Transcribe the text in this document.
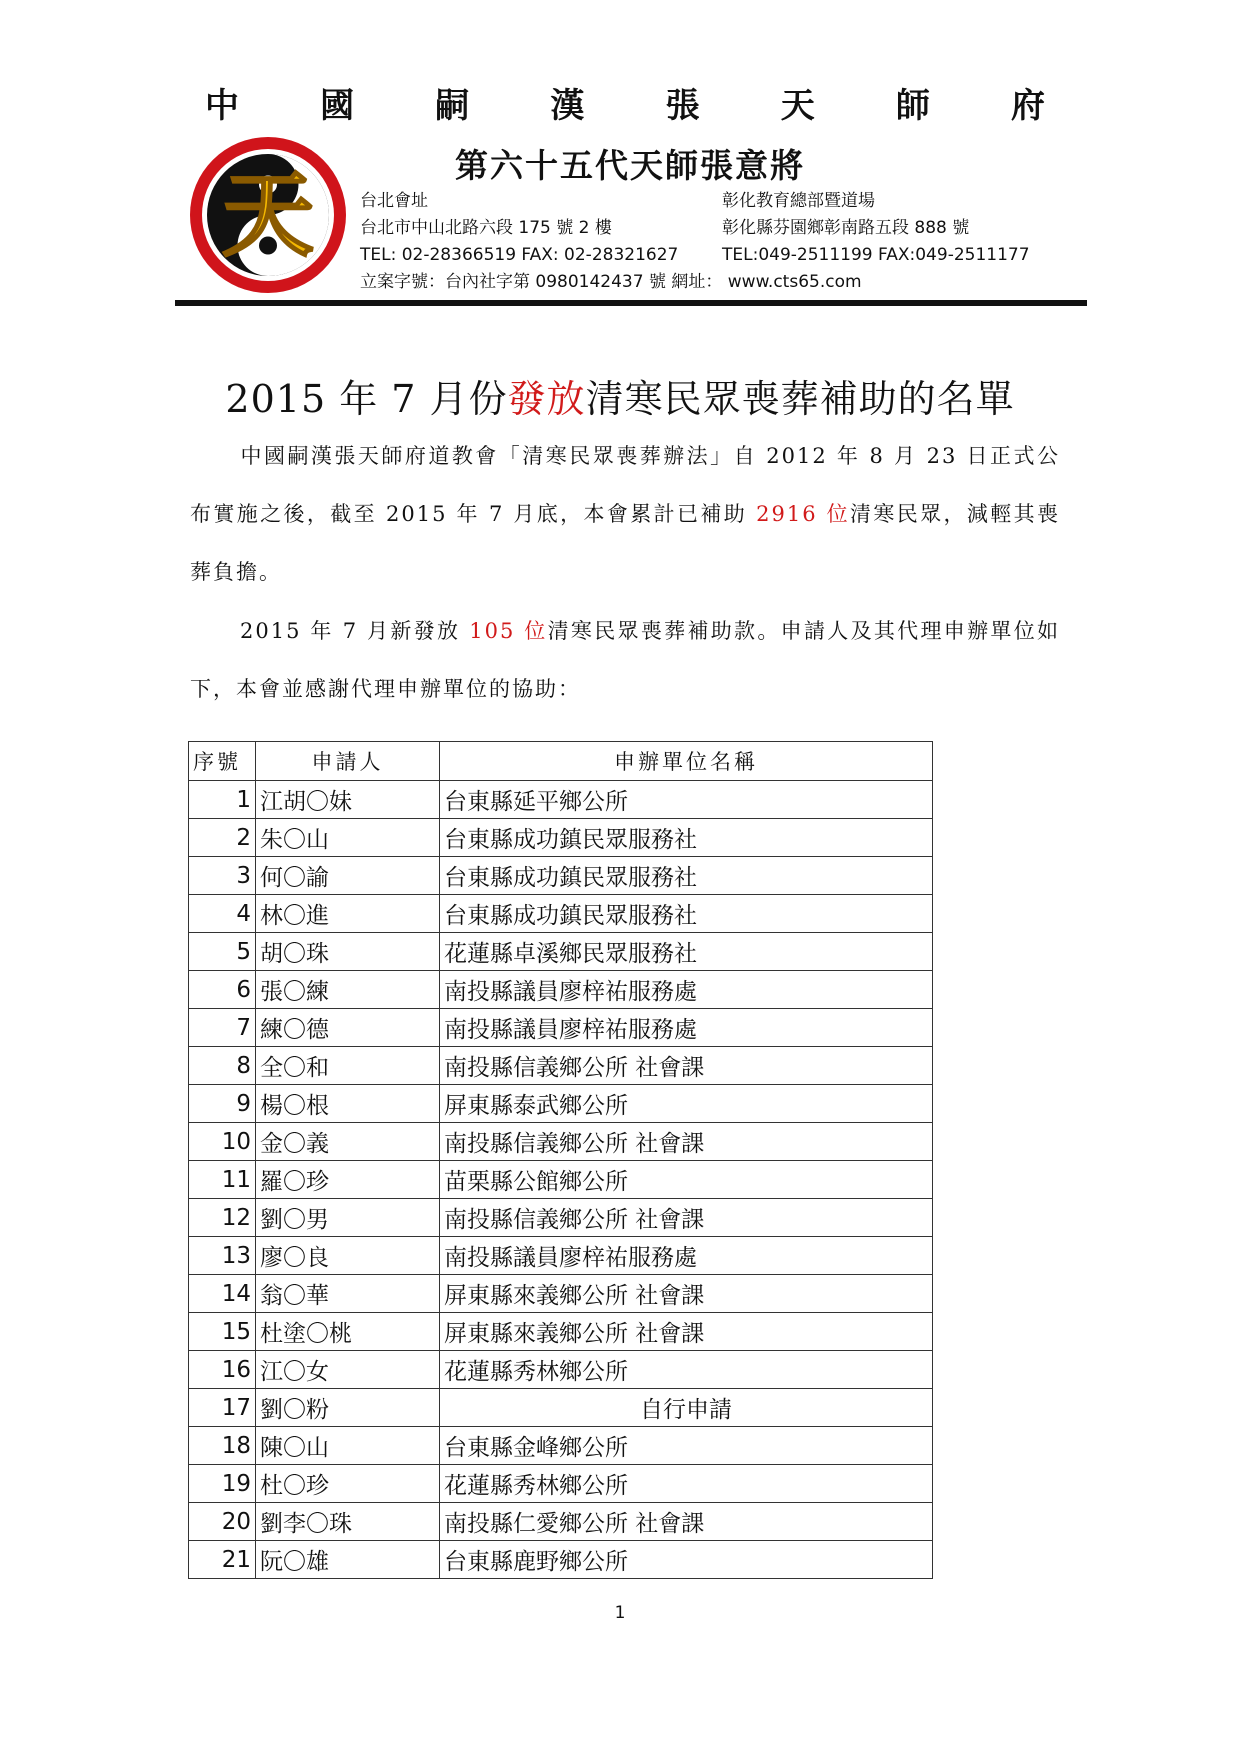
中 國 嗣 漢 張 天 師 府
天	第六十五代天師張意將
台北會址
台北市中山北路六段 175 號 2 樓
TEL: 02-28366519 FAX: 02-28321627
彰化教育總部暨道場
彰化縣芬園鄉彰南路五段 888 號
TEL:049-2511199 FAX:049-2511177
立案字號：台內社字第 0980142437 號 網址： www.cts65.com
2015 年 7 月份發放清寒民眾喪葬補助的名單
中國嗣漢張天師府道教會「清寒民眾喪葬辦法」自 2012 年 8 月 23 日正式公布實施之後，截至 2015 年 7 月底，本會累計已補助 2916 位清寒民眾，減輕其喪葬負擔。
2015 年 7 月新發放 105 位清寒民眾喪葬補助款。申請人及其代理申辦單位如下，本會並感謝代理申辦單位的協助：
序號	申請人	申辦單位名稱
1	江胡〇妹	台東縣延平鄉公所
2	朱〇山	台東縣成功鎮民眾服務社
3	何〇諭	台東縣成功鎮民眾服務社
4	林〇進	台東縣成功鎮民眾服務社
5	胡〇珠	花蓮縣卓溪鄉民眾服務社
6	張〇練	南投縣議員廖梓祐服務處
7	練〇德	南投縣議員廖梓祐服務處
8	全〇和	南投縣信義鄉公所 社會課
9	楊〇根	屏東縣泰武鄉公所
10	金〇義	南投縣信義鄉公所 社會課
11	羅〇珍	苗栗縣公館鄉公所
12	劉〇男	南投縣信義鄉公所 社會課
13	廖〇良	南投縣議員廖梓祐服務處
14	翁〇華	屏東縣來義鄉公所 社會課
15	杜塗〇桃	屏東縣來義鄉公所 社會課
16	江〇女	花蓮縣秀林鄉公所
17	劉〇粉	自行申請
18	陳〇山	台東縣金峰鄉公所
19	杜〇珍	花蓮縣秀林鄉公所
20	劉李〇珠	南投縣仁愛鄉公所 社會課
21	阮〇雄	台東縣鹿野鄉公所
1
